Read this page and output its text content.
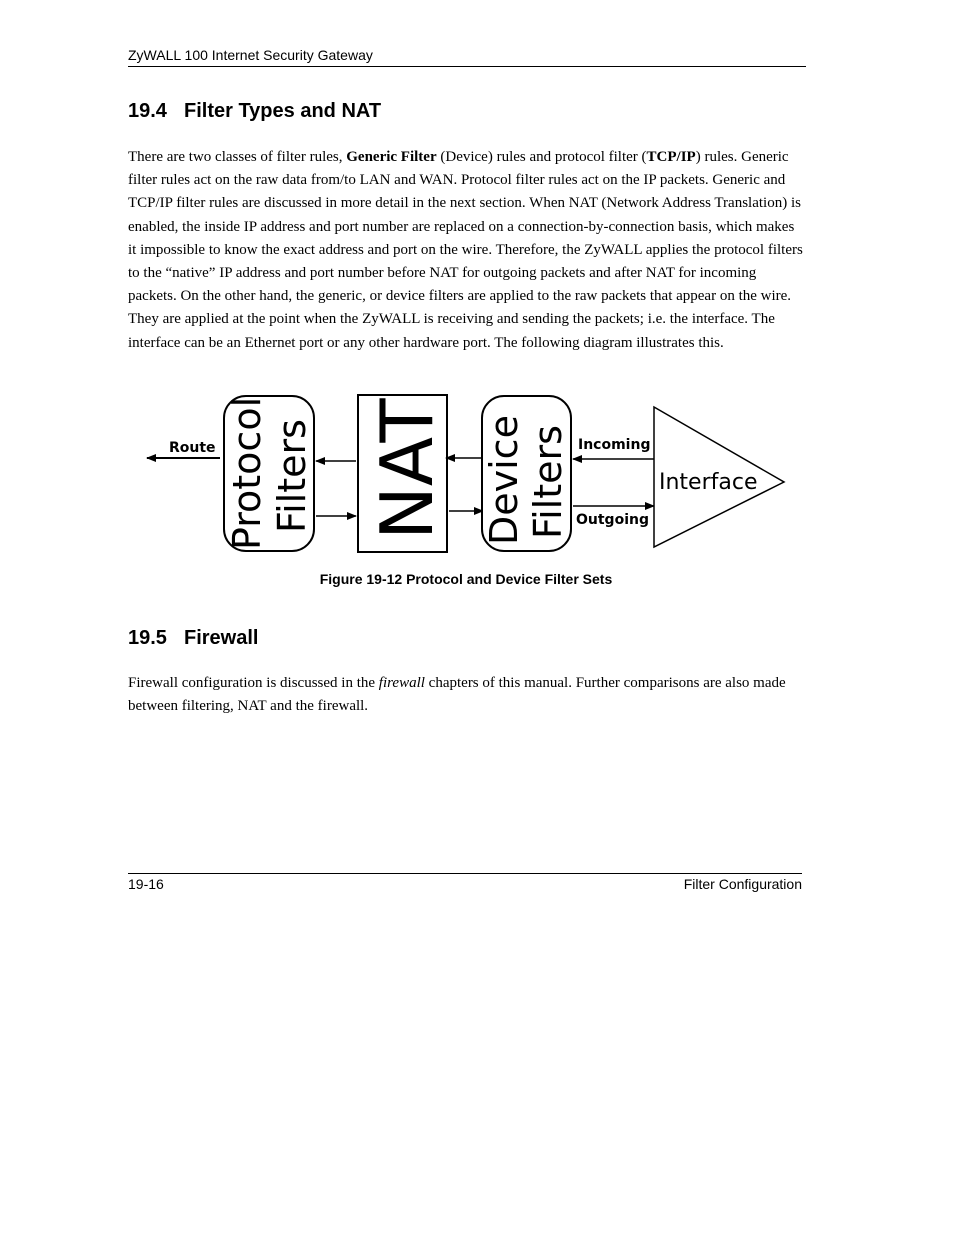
ZyWALL 100 Internet Security Gateway
19.4 Filter Types and NAT

There are two classes of filter rules, Generic Filter (Device) rules and protocol filter (TCP/IP) rules. Generic filter rules act on the raw data from/to LAN and WAN. Protocol filter rules act on the IP packets. Generic and TCP/IP filter rules are discussed in more detail in the next section. When NAT (Network Address Translation) is enabled, the inside IP address and port number are replaced on a connection-by-connection basis, which makes it impossible to know the exact address and port on the wire. Therefore, the ZyWALL applies the protocol filters to the “native” IP address and port number before NAT for outgoing packets and after NAT for incoming packets. On the other hand, the generic, or device filters are applied to the raw packets that appear on the wire. They are applied at the point when the ZyWALL is receiving and sending the packets; i.e. the interface. The interface can be an Ethernet port or any other hardware port. The following diagram illustrates this.

Route Protocol Filters NAT Device Filters Incoming
Outgoing
Interface
Figure 19-12 Protocol and Device Filter Sets
19.5 Firewall

Firewall configuration is discussed in the firewall chapters of this manual. Further comparisons are also made between filtering, NAT and the firewall.

19-16	Filter Configuration
